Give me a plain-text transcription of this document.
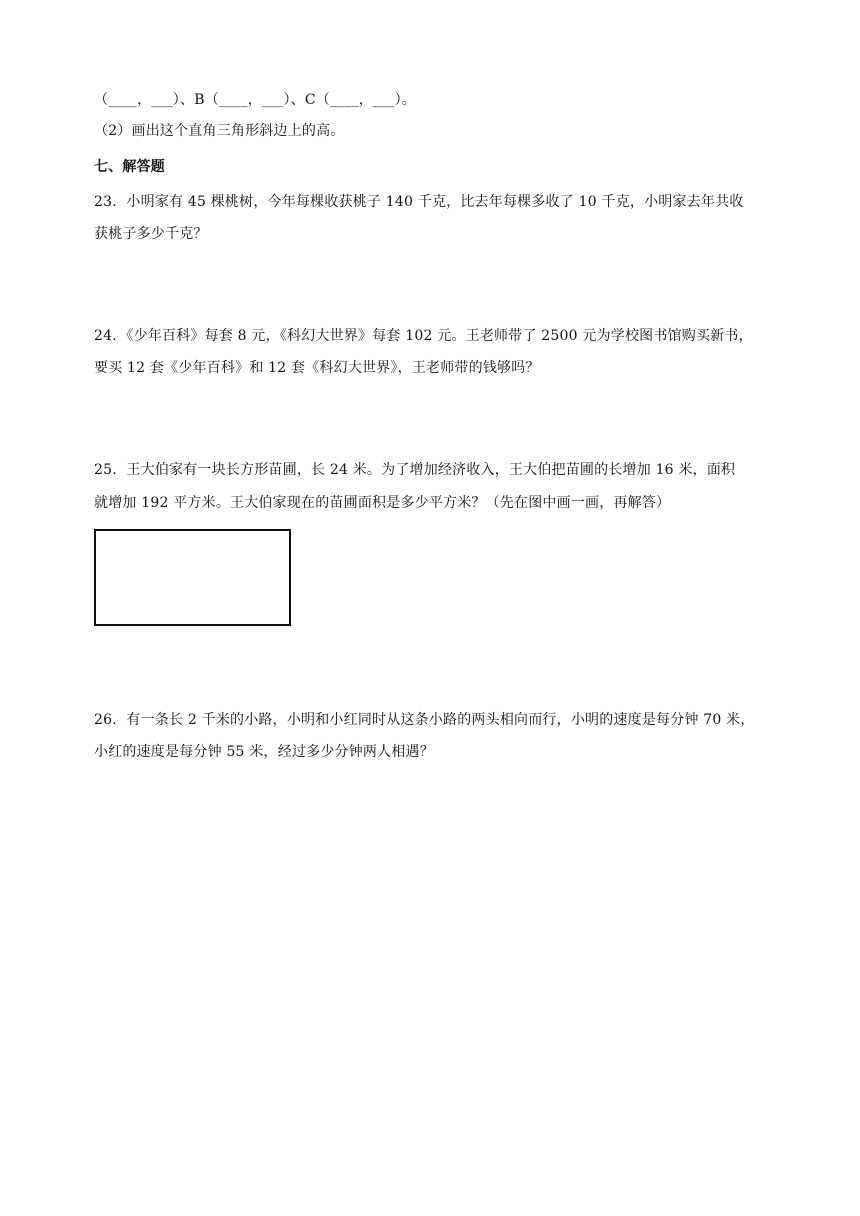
（____，___）、B（____，___）、C（____，___）。
（2）画出这个直角三角形斜边上的高。
七、解答题
23．小明家有 45 棵桃树，今年每棵收获桃子 140 千克，比去年每棵多收了 10 千克，小明家去年共收
获桃子多少千克？
24．《少年百科》每套 8 元，《科幻大世界》每套 102 元。王老师带了 2500 元为学校图书馆购买新书，
要买 12 套《少年百科》和 12 套《科幻大世界》，王老师带的钱够吗？
25．王大伯家有一块长方形苗圃，长 24 米。为了增加经济收入，王大伯把苗圃的长增加 16 米，面积
就增加 192 平方米。王大伯家现在的苗圃面积是多少平方米？（先在图中画一画，再解答）
26．有一条长 2 千米的小路，小明和小红同时从这条小路的两头相向而行，小明的速度是每分钟 70 米，
小红的速度是每分钟 55 米，经过多少分钟两人相遇？
